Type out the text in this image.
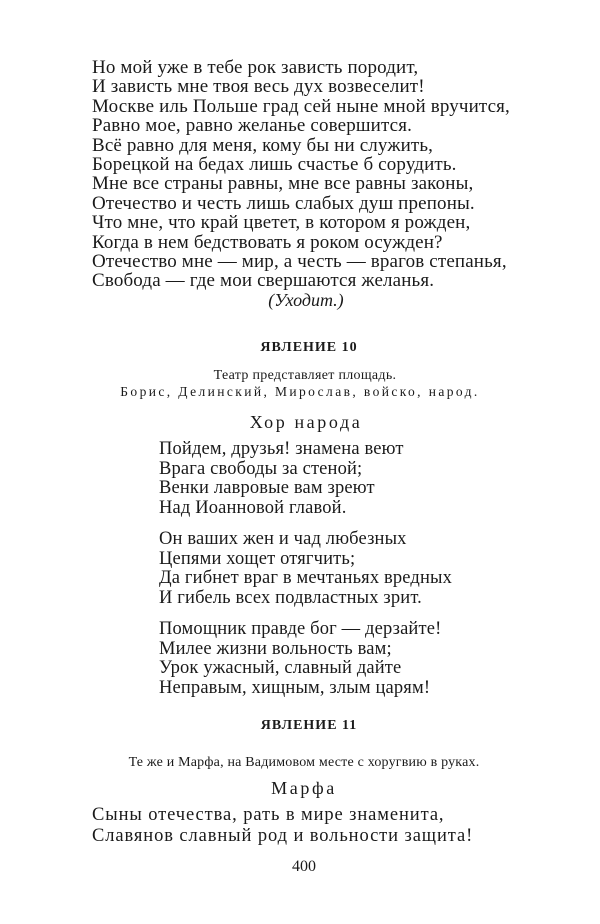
Но мой уже в тебе рок зависть породит,
И зависть мне твоя весь дух возвеселит!
Москве иль Польше град сей ныне мной вручится,
Равно мое, равно желанье совершится.
Всё равно для меня, кому бы ни служить,
Борецкой на бедах лишь счастье б соруд͏ить.
Мне все страны равны, мне все равны законы,
Отечество и честь лишь слабых душ препоны.
Что мне, что край цветет, в котором я рожден,
Когда в нем бедствовать я роком осужден?
Отечество мне — мир, а честь — врагов степанья,
Свобода — где мои свершаются желанья.
(Уходит.)
ЯВЛЕНИЕ 10
Театр представляет площадь.
Борис, Делинский, Мирослав, войско, народ.
Хор народа
Пойдем, друзья! знамена веют
Врага свободы за стеной;
Венки лавровые вам зреют
Над Иоанновой главой.
Он ваших жен и чад любезных
Цепями хощет отягчить;
Да гибнет враг в мечтаньях вредных
И гибель всех подвластных зрит.
Помощник правде бог — дерзайте!
Милее жизни вольность вам;
Урок ужасный, славный дайте
Неправым, хищным, злым царям!
ЯВЛЕНИЕ 11
Те же и Марфа, на Вадимовом месте с хоругвию в руках.
Марфа
Сыны отечества, рать в мире знаменита,
Славянов славный род и вольности защита!
400
